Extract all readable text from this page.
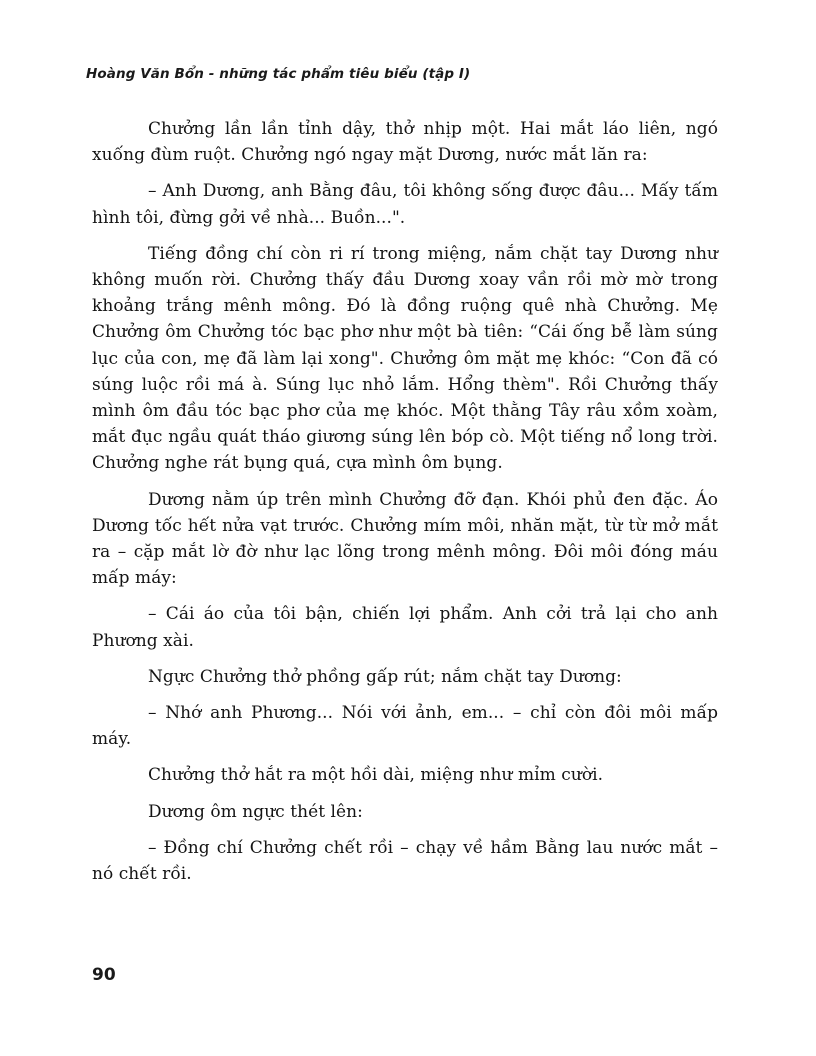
Hoàng Văn Bổn - những tác phẩm tiêu biểu (tập I)

Chưởng lần lần tỉnh dậy, thở nhịp một. Hai mắt láo liên, ngó xuống đùm ruột. Chưởng ngó ngay mặt Dương, nước mắt lăn ra:

– Anh Dương, anh Bằng đâu, tôi không sống được đâu... Mấy tấm hình tôi, đừng gởi về nhà... Buồn...".

Tiếng đồng chí còn ri rí trong miệng, nắm chặt tay Dương như không muốn rời. Chưởng thấy đầu Dương xoay vần rồi mờ mờ trong khoảng trắng mênh mông. Đó là đồng ruộng quê nhà Chưởng. Mẹ Chưởng ôm Chưởng tóc bạc phơ như một bà tiên: “Cái ống bễ làm súng lục của con, mẹ đã làm lại xong". Chưởng ôm mặt mẹ khóc: “Con đã có súng luộc rồi má à. Súng lục nhỏ lắm. Hổng thèm". Rồi Chưởng thấy mình ôm đầu tóc bạc phơ của mẹ khóc. Một thằng Tây râu xồm xoàm, mắt đục ngầu quát tháo giương súng lên bóp cò. Một tiếng nổ long trời. Chưởng nghe rát bụng quá, cựa mình ôm bụng.

Dương nằm úp trên mình Chưởng đỡ đạn. Khói phủ đen đặc. Áo Dương tốc hết nửa vạt trước. Chưởng mím môi, nhăn mặt, từ từ mở mắt ra – cặp mắt lờ đờ như lạc lõng trong mênh mông. Đôi môi đóng máu mấp máy:

– Cái áo của tôi bận, chiến lợi phẩm. Anh cởi trả lại cho anh Phương xài.

Ngực Chưởng thở phồng gấp rút; nắm chặt tay Dương:

– Nhớ anh Phương... Nói với ảnh, em... – chỉ còn đôi môi mấp máy.

Chưởng thở hắt ra một hồi dài, miệng như mỉm cười.

Dương ôm ngực thét lên:

– Đồng chí Chưởng chết rồi – chạy về hầm Bằng lau nước mắt – nó chết rồi.

90
